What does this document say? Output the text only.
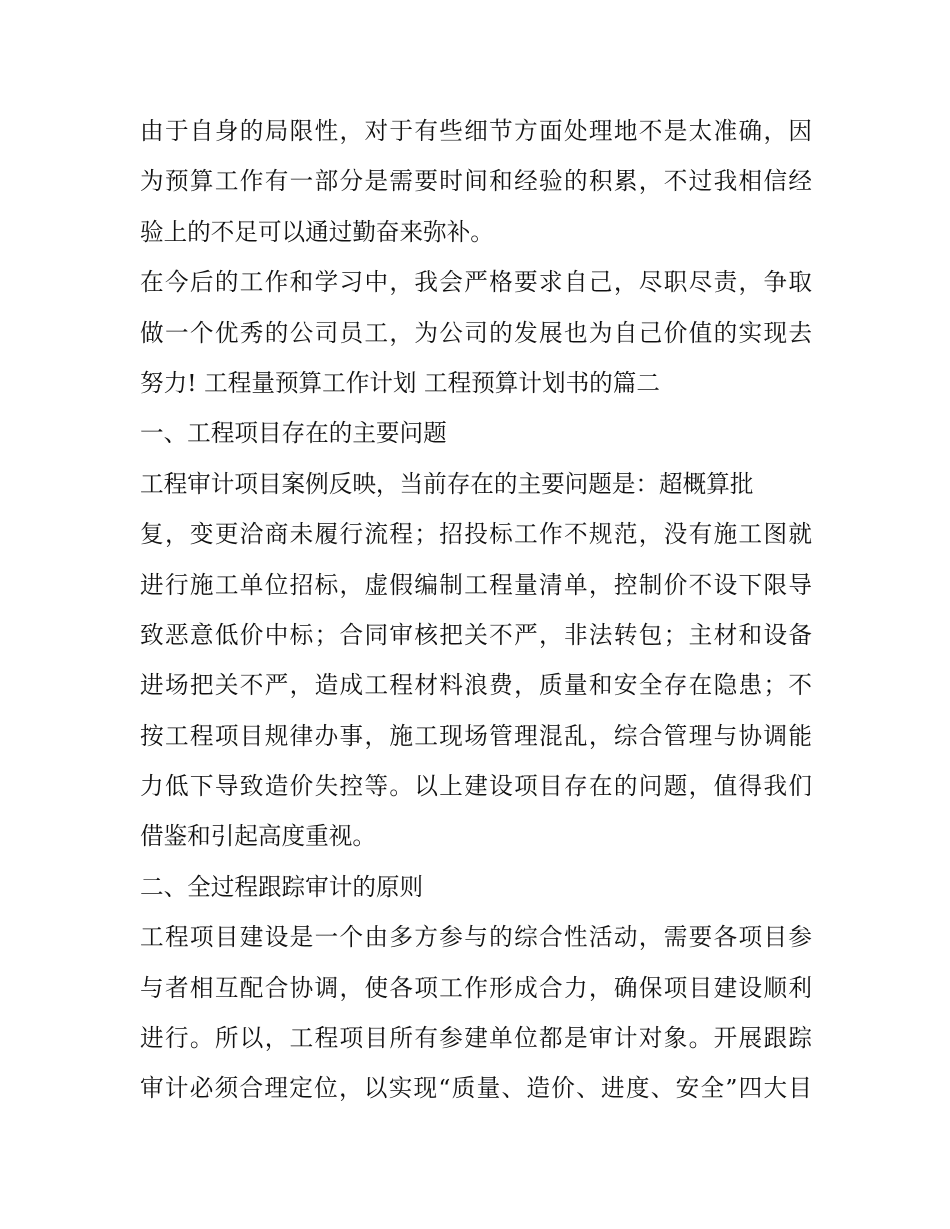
由于自身的局限性，对于有些细节方面处理地不是太准确，因
为预算工作有一部分是需要时间和经验的积累，不过我相信经
验上的不足可以通过勤奋来弥补。
在今后的工作和学习中，我会严格要求自己，尽职尽责，争取
做一个优秀的公司员工，为公司的发展也为自己价值的实现去
努力! 工程量预算工作计划 工程预算计划书的篇二
一、工程项目存在的主要问题
工程审计项目案例反映，当前存在的主要问题是：超概算批
复，变更洽商未履行流程；招投标工作不规范，没有施工图就
进行施工单位招标，虚假编制工程量清单，控制价不设下限导
致恶意低价中标；合同审核把关不严，非法转包；主材和设备
进场把关不严，造成工程材料浪费，质量和安全存在隐患；不
按工程项目规律办事，施工现场管理混乱，综合管理与协调能
力低下导致造价失控等。以上建设项目存在的问题，值得我们
借鉴和引起高度重视。
二、全过程跟踪审计的原则
工程项目建设是一个由多方参与的综合性活动，需要各项目参
与者相互配合协调，使各项工作形成合力，确保项目建设顺利
进行。所以，工程项目所有参建单位都是审计对象。开展跟踪
审计必须合理定位，以实现“质量、造价、进度、安全”四大目
